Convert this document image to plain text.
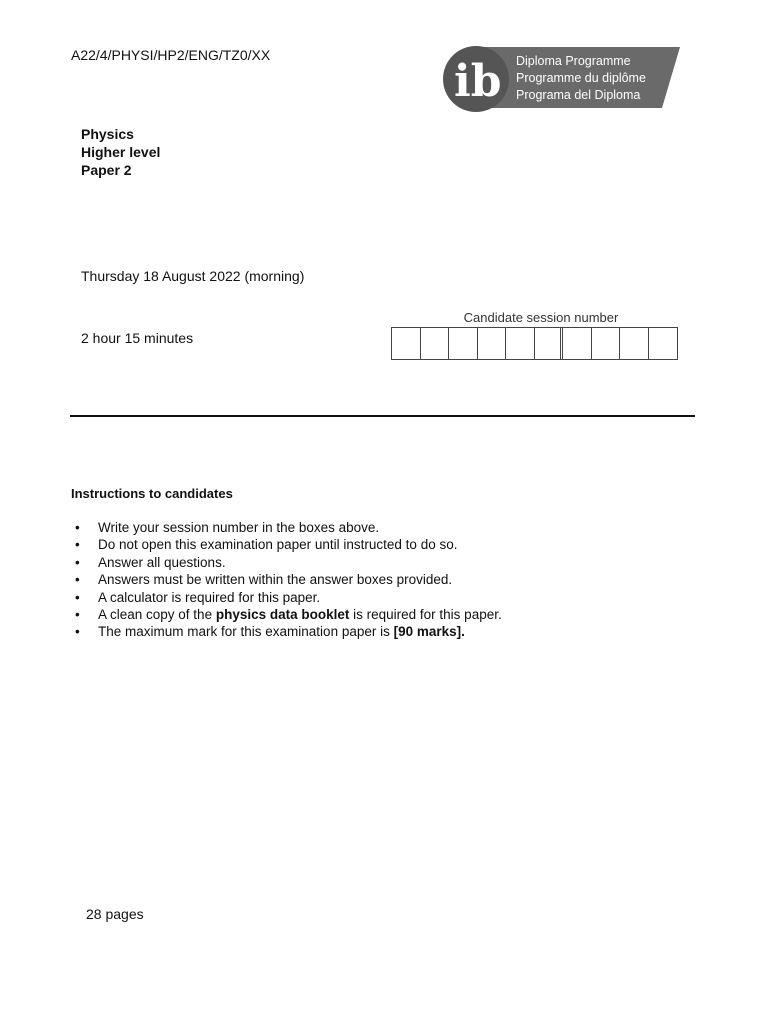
A22/4/PHYSI/HP2/ENG/TZ0/XX
ib Diploma Programme
Programme du diplôme
Programa del Diploma
Physics
Higher level
Paper 2
Thursday 18 August 2022 (morning)
2 hour 15 minutes
Candidate session number
Instructions to candidates
• Write your session number in the boxes above.
• Do not open this examination paper until instructed to do so.
• Answer all questions.
• Answers must be written within the answer boxes provided.
• A calculator is required for this paper.
• A clean copy of the physics data booklet is required for this paper.
• The maximum mark for this examination paper is [90 marks].
28 pages
